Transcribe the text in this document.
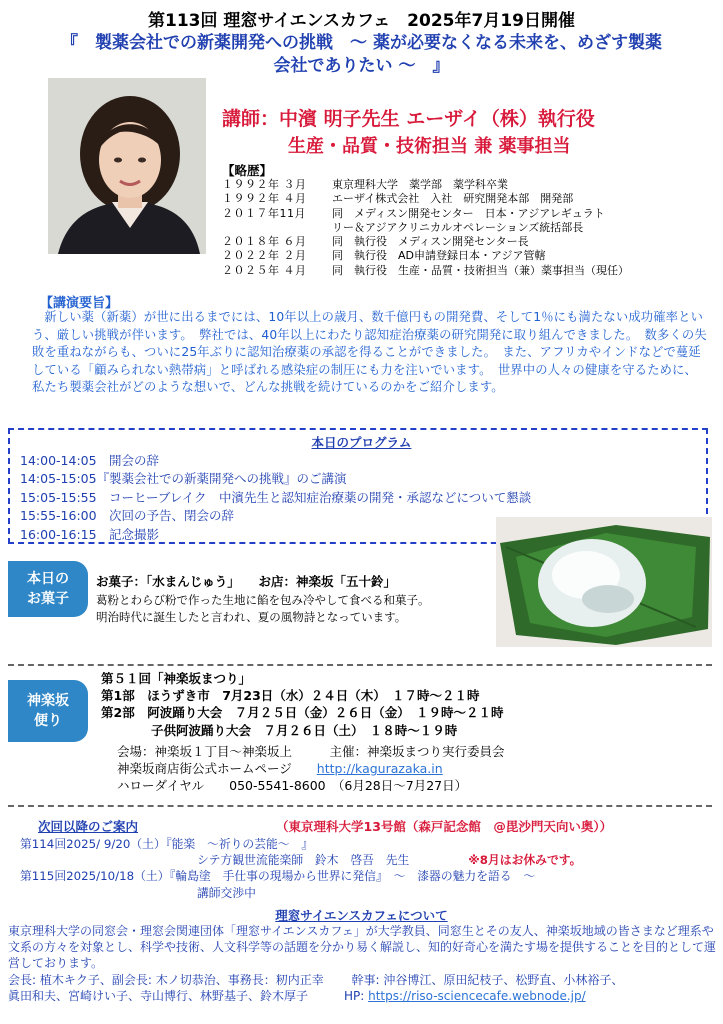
第113回 理窓サイエンスカフェ　2025年7月19日開催
『　製薬会社での新薬開発への挑戦　～ 薬が必要なくなる未来を、めざす製薬
会社でありたい ～　』
講師：中濱 明子先生 エーザイ（株）執行役
生産・品質・技術担当 兼 薬事担当
【略歴】
１９９２年 ３月	東京理科大学　薬学部　薬学科卒業
１９９２年 ４月	エーザイ株式会社　入社　研究開発本部　開発部
２０１７年11月	同　メディスン開発センター　日本・アジアレギュラト
リー＆アジアクリニカルオペレーションズ統括部長
２０１８年 ６月	同　執行役　メディスン開発センター長
２０２２年 ２月	同　執行役　AD申請登録日本・アジア管轄
２０２５年 ４月	同　執行役　生産・品質・技術担当（兼）薬事担当（現任）
【講演要旨】
新しい薬（新薬）が世に出るまでには、10年以上の歳月、数千億円もの開発費、そして1％にも満たない成功確率という、厳しい挑戦が伴います。　弊社では、40年以上にわたり認知症治療薬の研究開発に取り組んできました。　数多くの失敗を重ねながらも、ついに25年ぶりに認知治療薬の承認を得ることができました。　また、アフリカやインドなどで蔓延している「顧みられない熱帯病」と呼ばれる感染症の制圧にも力を注いでいます。　世界中の人々の健康を守るために、私たち製薬会社がどのような想いで、どんな挑戦を続けているのかをご紹介します。
本日のプログラム
14:00-14:05　開会の辞
14:05-15:05『製薬会社での新薬開発への挑戦』のご講演
15:05-15:55　コーヒーブレイク　中濱先生と認知症治療薬の開発・承認などについて懇談
15:55-16:00　次回の予告、閉会の辞
16:00-16:15　記念撮影
本日の
お菓子
お菓子：「水まんじゅう」　　お店：神楽坂「五十鈴」
葛粉とわらび粉で作った生地に餡を包み冷やして食べる和菓子。
明治時代に誕生したと言われ、夏の風物詩となっています。
神楽坂
便り
第５１回「神楽坂まつり」
第1部　ほうずき市　7月23日（水）２４日（木）　１７時～２１時
第2部　阿波踊り大会　７月２５日（金）２６日（金）　１９時～２１時
　　　　子供阿波踊り大会　７月２６日（土）　１８時～１９時
会場：神楽坂１丁目～神楽坂上　　　主催：神楽坂まつり実行委員会
神楽坂商店街公式ホームページ　　http://kagurazaka.in
ハローダイヤル　　050-5541-8600　（6月28日～7月27日）
次回以降のご案内	（東京理科大学13号館（森戸記念館　@毘沙門天向い奥））
第114回2025/ 9/20（土）『能楽　～祈りの芸能～　』
　　　　　　　　　　　　　　　シテ方観世流能楽師　鈴木　啓吾　先生　　　　　※8月はお休みです。
第115回2025/10/18（土）『輪島塗　手仕事の現場から世界に発信』　～　漆器の魅力を語る　～
　　　　　　　　　　　　　　　講師交渉中
理窓サイエンスカフェについて
東京理科大学の同窓会・理窓会関連団体「理窓サイエンスカフェ」が大学教員、同窓生とその友人、神楽坂地域の皆さまなど理系や文系の方々を対象とし、科学や技術、人文科学等の話題を分かり易く解説し、知的好奇心を満たす場を提供することを目的として運営しております。
会長: 植木キク子、副会長: 木ノ切恭治、事務長：籾内正幸　　 幹事: 沖谷博江、原田紀枝子、松野直、小林裕子、
眞田和夫、宮崎けい子、寺山博行、林野基子、鈴木厚子　　　HP: https://riso-sciencecafe.webnode.jp/
